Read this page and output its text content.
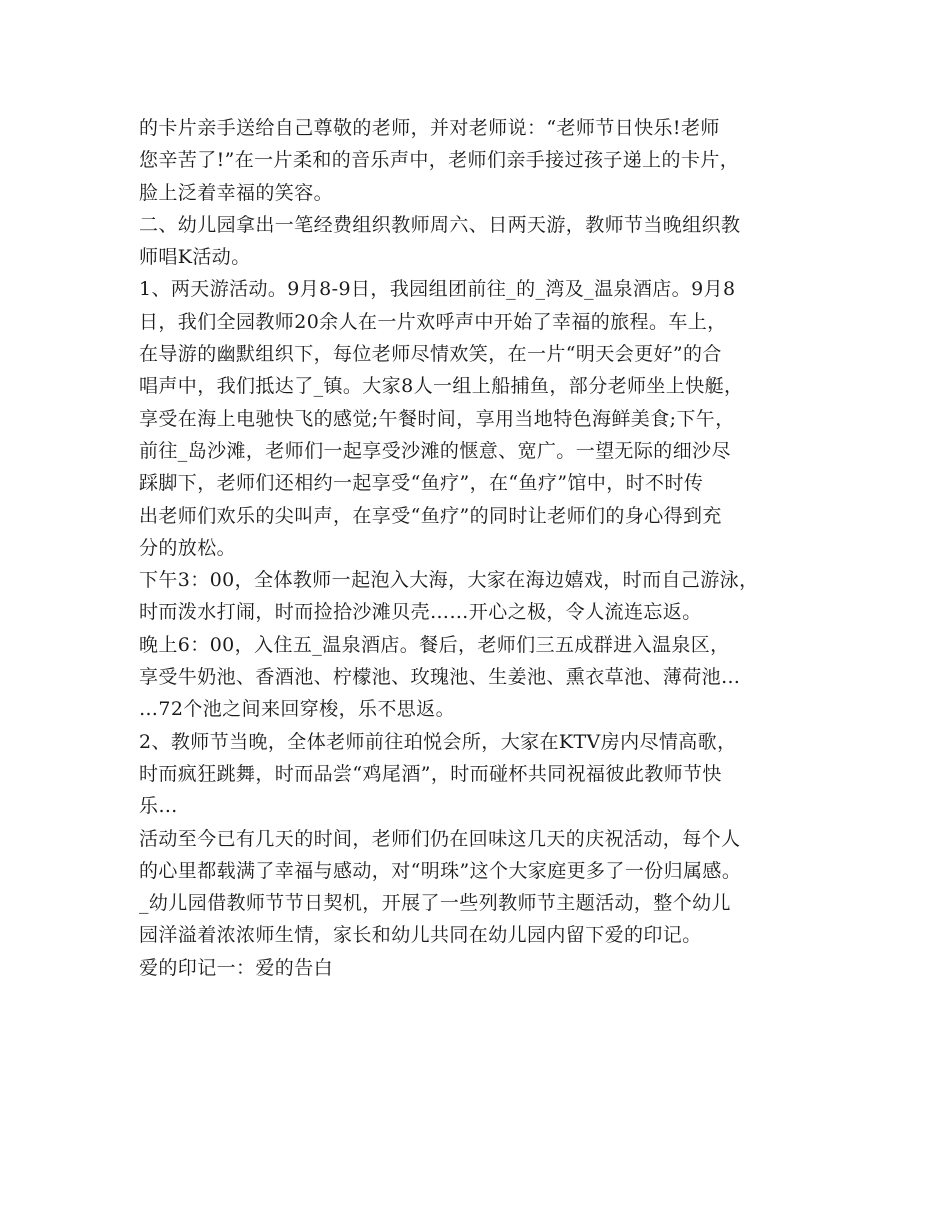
的卡片亲手送给自己尊敬的老师，并对老师说：“老师节日快乐!老师
您辛苦了!”在一片柔和的音乐声中，老师们亲手接过孩子递上的卡片，
脸上泛着幸福的笑容。
二、幼儿园拿出一笔经费组织教师周六、日两天游，教师节当晚组织教
师唱K活动。
1、两天游活动。9月8-9日，我园组团前往_的_湾及_温泉酒店。9月8
日，我们全园教师20余人在一片欢呼声中开始了幸福的旅程。车上，
在导游的幽默组织下，每位老师尽情欢笑，在一片“明天会更好”的合
唱声中，我们抵达了_镇。大家8人一组上船捕鱼，部分老师坐上快艇，
享受在海上电驰快飞的感觉;午餐时间，享用当地特色海鲜美食;下午，
前往_岛沙滩，老师们一起享受沙滩的惬意、宽广。一望无际的细沙尽
踩脚下，老师们还相约一起享受“鱼疗”，在“鱼疗”馆中，时不时传
出老师们欢乐的尖叫声，在享受“鱼疗”的同时让老师们的身心得到充
分的放松。
下午3：00，全体教师一起泡入大海，大家在海边嬉戏，时而自己游泳，
时而泼水打闹，时而捡拾沙滩贝壳……开心之极，令人流连忘返。
晚上6：00，入住五_温泉酒店。餐后，老师们三五成群进入温泉区，
享受牛奶池、香酒池、柠檬池、玫瑰池、生姜池、熏衣草池、薄荷池…
…72个池之间来回穿梭，乐不思返。
2、教师节当晚，全体老师前往珀悦会所，大家在KTV房内尽情高歌，
时而疯狂跳舞，时而品尝“鸡尾酒”，时而碰杯共同祝福彼此教师节快
乐…
活动至今已有几天的时间，老师们仍在回味这几天的庆祝活动，每个人
的心里都载满了幸福与感动，对“明珠”这个大家庭更多了一份归属感。
_幼儿园借教师节节日契机，开展了一些列教师节主题活动，整个幼儿
园洋溢着浓浓师生情，家长和幼儿共同在幼儿园内留下爱的印记。
爱的印记一：爱的告白
